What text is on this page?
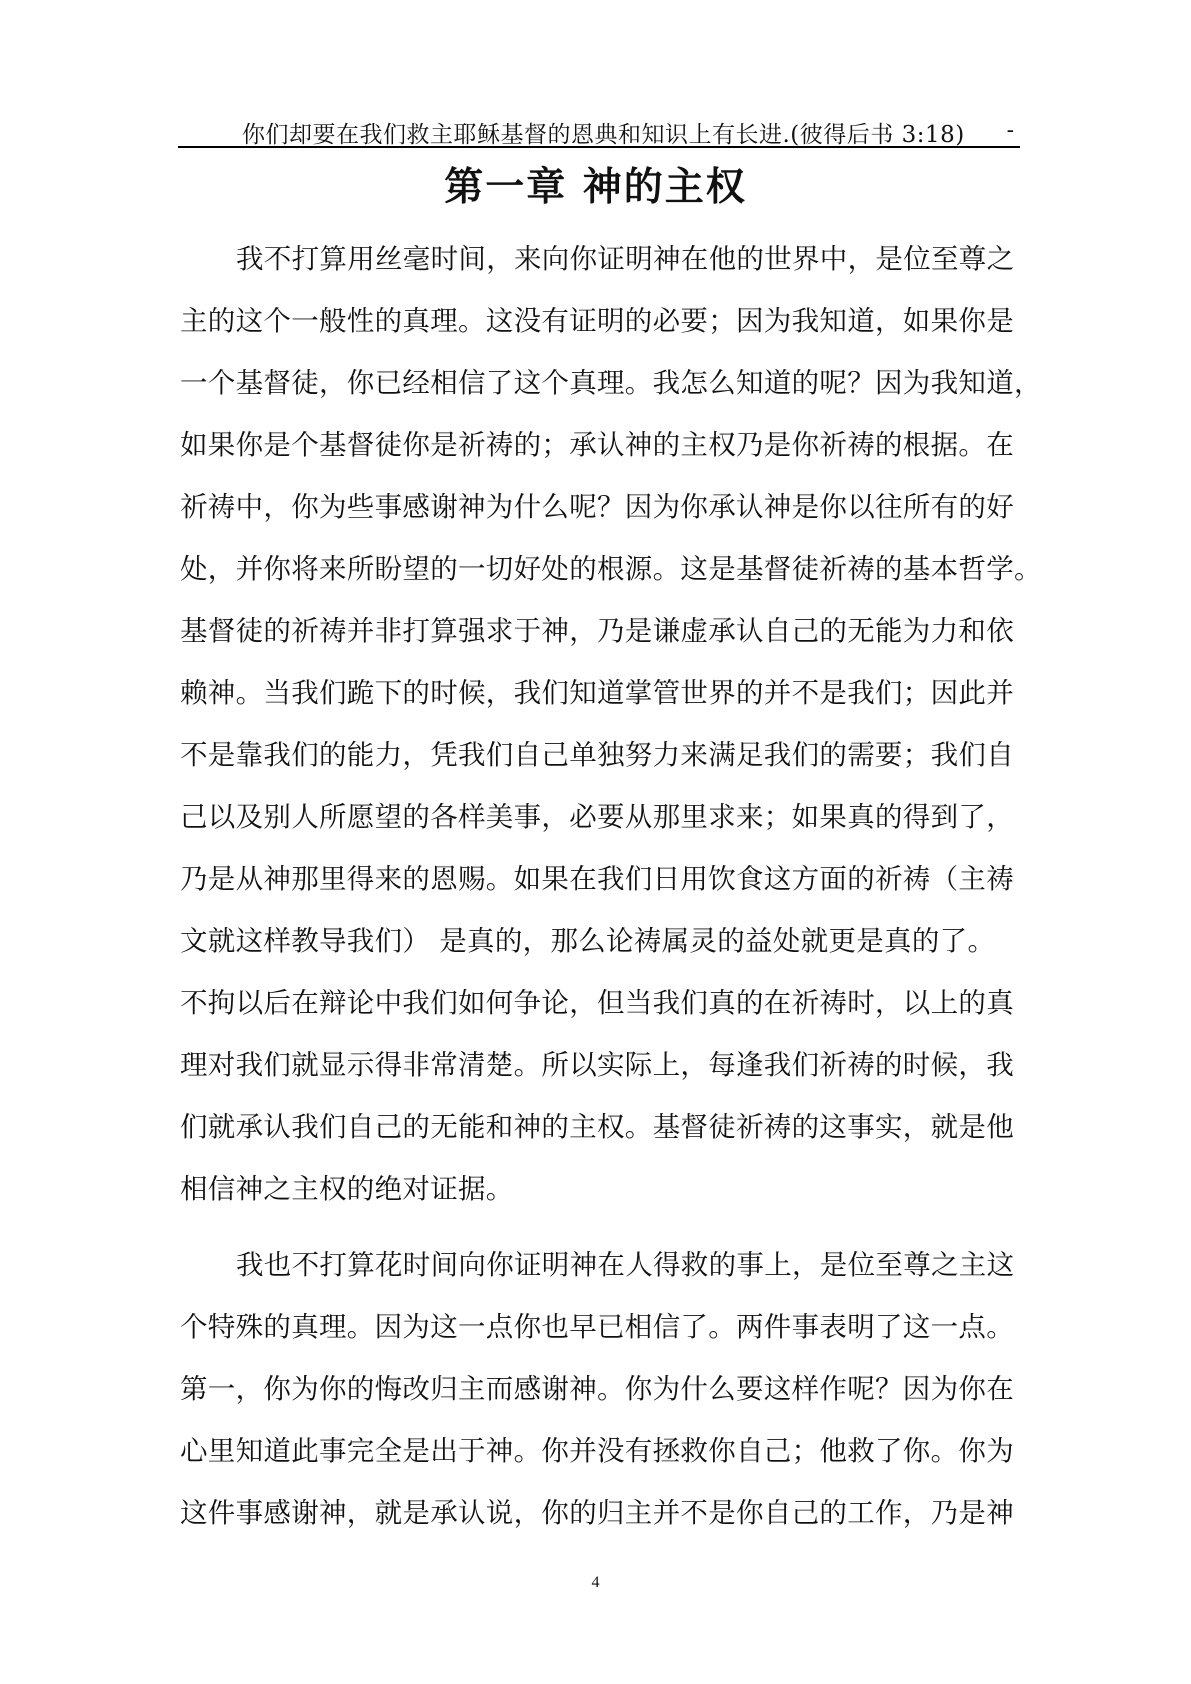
你们却要在我们救主耶稣基督的恩典和知识上有长进.(彼得后书 3:18) -
第一章 神的主权
我不打算用丝毫时间，来向你证明神在他的世界中，是位至尊之
主的这个一般性的真理。这没有证明的必要；因为我知道，如果你是
一个基督徒，你已经相信了这个真理。我怎么知道的呢？因为我知道，
如果你是个基督徒你是祈祷的；承认神的主权乃是你祈祷的根据。在
祈祷中，你为些事感谢神为什么呢？因为你承认神是你以往所有的好
处，并你将来所盼望的一切好处的根源。这是基督徒祈祷的基本哲学。
基督徒的祈祷并非打算强求于神，乃是谦虚承认自己的无能为力和依
赖神。当我们跪下的时候，我们知道掌管世界的并不是我们；因此并
不是靠我们的能力，凭我们自己单独努力来满足我们的需要；我们自
己以及别人所愿望的各样美事，必要从那里求来；如果真的得到了，
乃是从神那里得来的恩赐。如果在我们日用饮食这方面的祈祷（主祷
文就这样教导我们） 是真的，那么论祷属灵的益处就更是真的了。
不拘以后在辩论中我们如何争论，但当我们真的在祈祷时，以上的真
理对我们就显示得非常清楚。所以实际上，每逢我们祈祷的时候，我
们就承认我们自己的无能和神的主权。基督徒祈祷的这事实，就是他
相信神之主权的绝对证据。
我也不打算花时间向你证明神在人得救的事上，是位至尊之主这
个特殊的真理。因为这一点你也早已相信了。两件事表明了这一点。
第一，你为你的悔改归主而感谢神。你为什么要这样作呢？因为你在
心里知道此事完全是出于神。你并没有拯救你自己；他救了你。你为
这件事感谢神，就是承认说，你的归主并不是你自己的工作，乃是神
4
